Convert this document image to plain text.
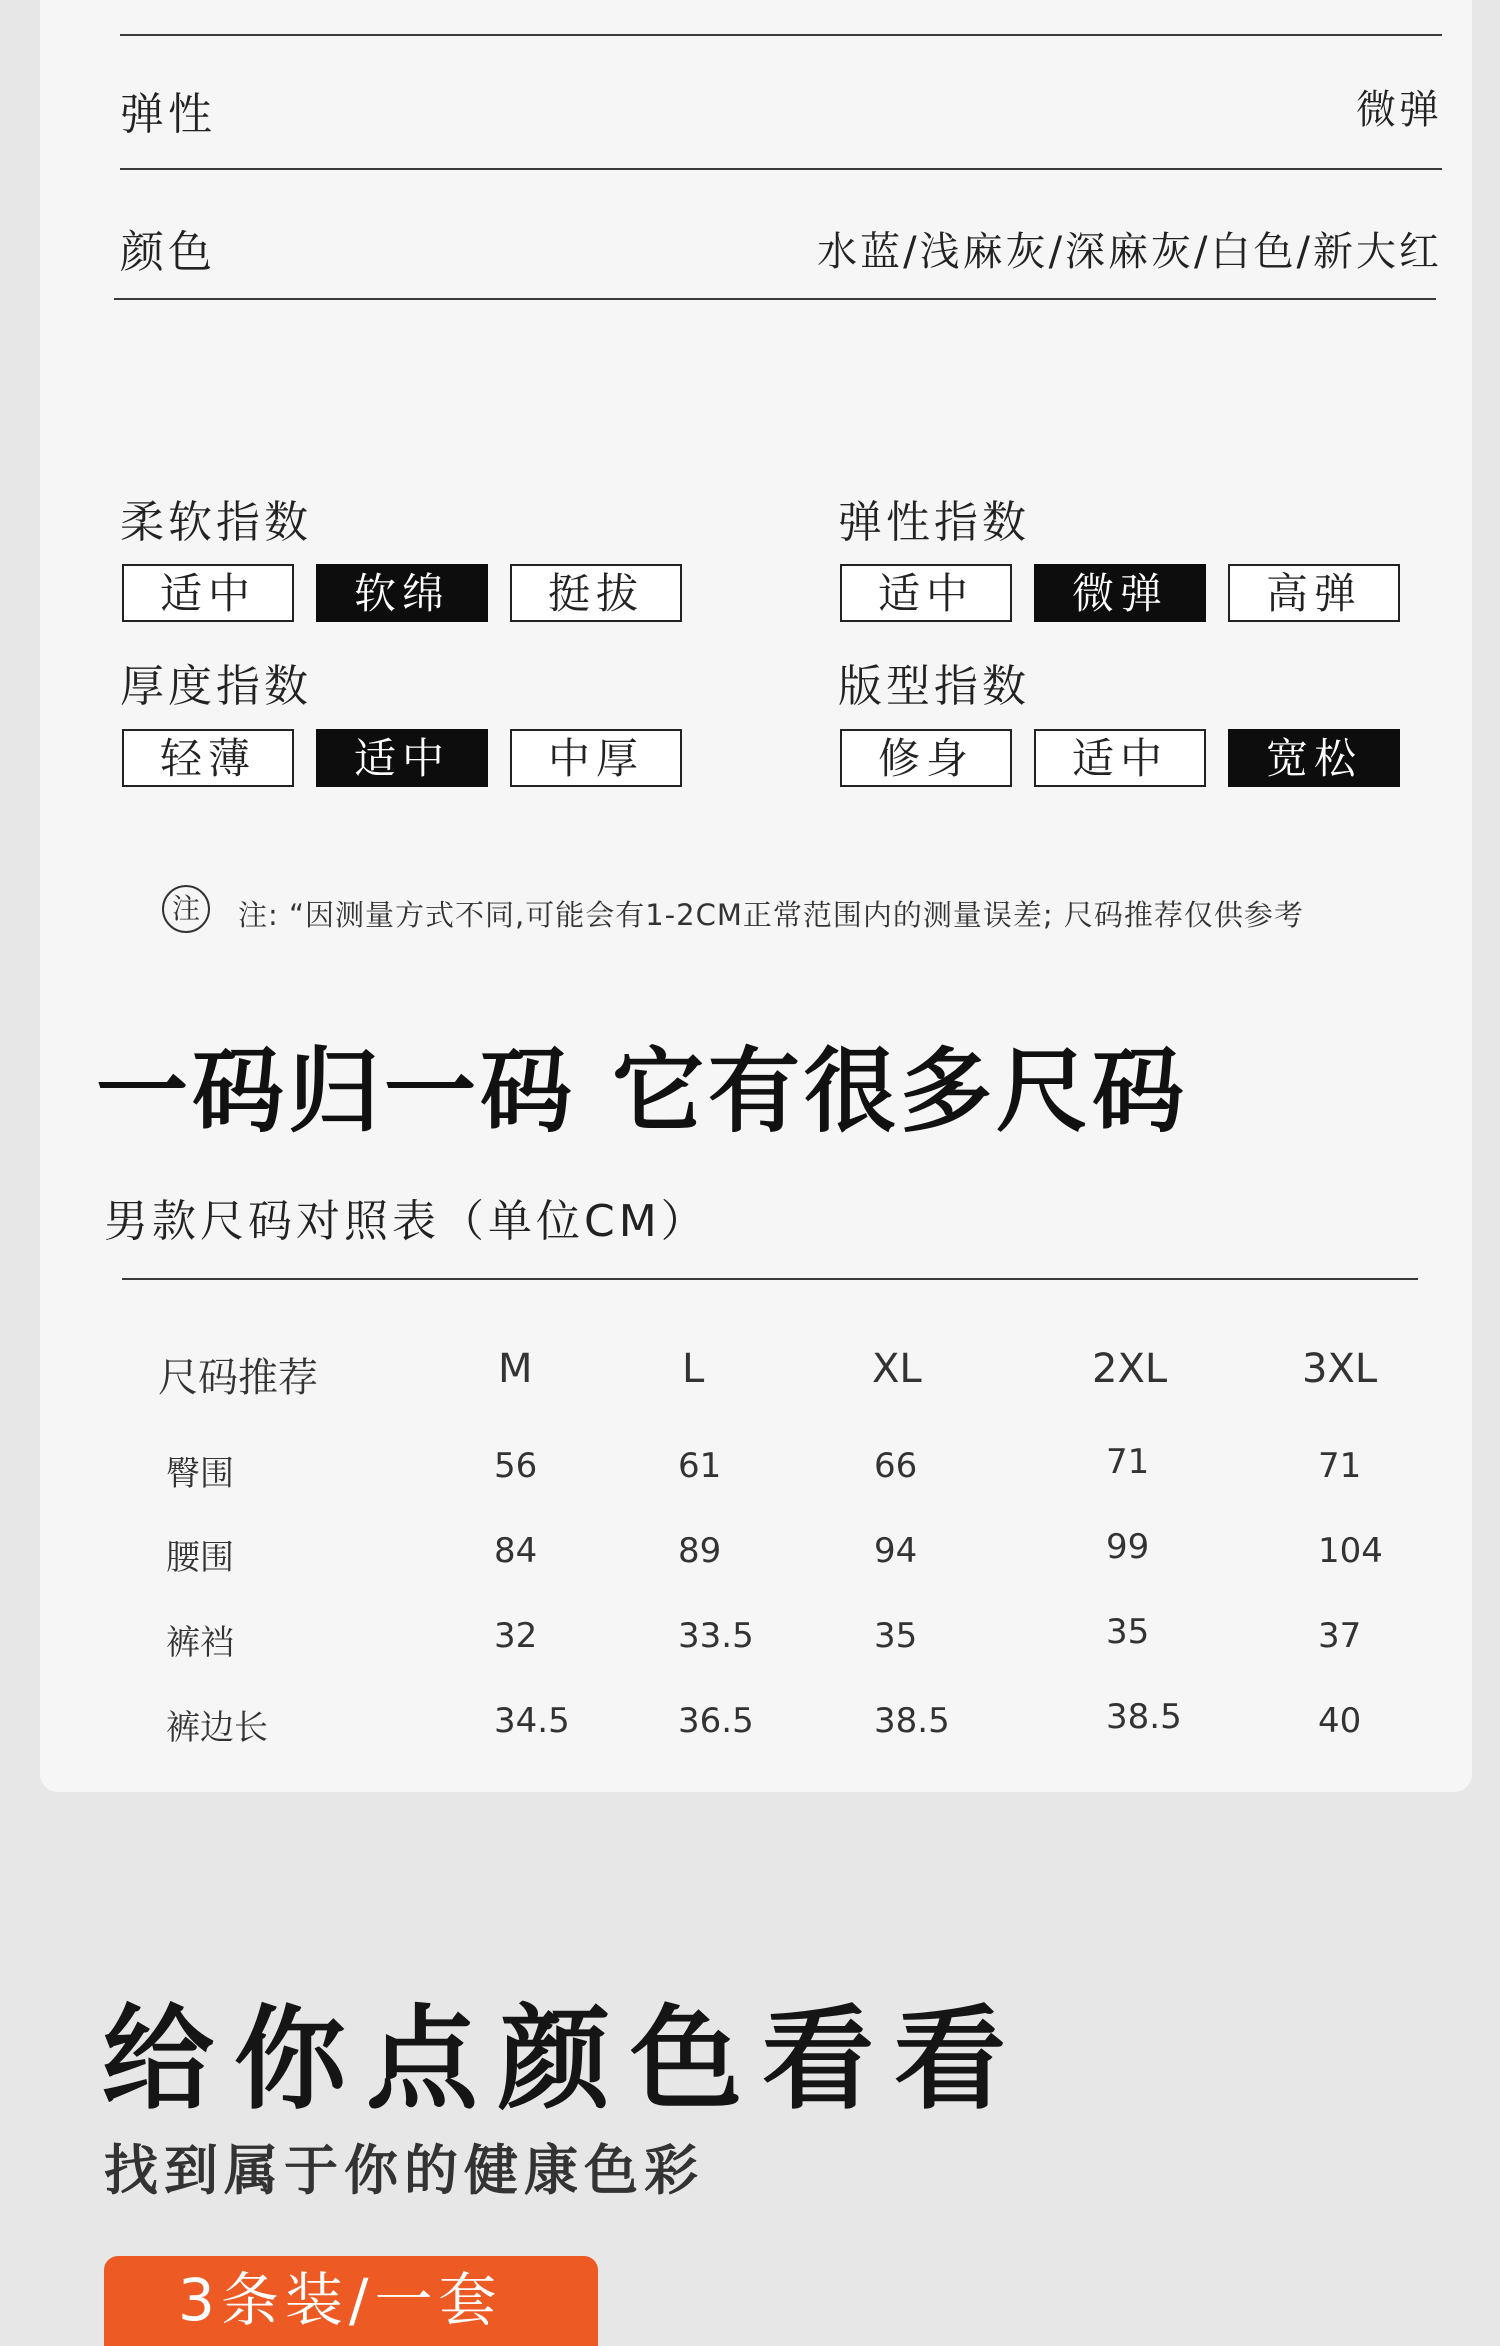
弹性	微弹
颜色	水蓝/浅麻灰/深麻灰/白色/新大红
柔软指数
适中	软绵	挺拔
弹性指数
适中	微弹	高弹
厚度指数
轻薄	适中	中厚
版型指数
修身	适中	宽松
注	注: “因测量方式不同,可能会有1-2CM正常范围内的测量误差; 尺码推荐仅供参考
一码归一码 它有很多尺码
男款尺码对照表（单位CM）
尺码推荐	M	L	XL	2XL	3XL
臀围	56	61	66	71	71
腰围	84	89	94	99	104
裤裆	32	33.5	35	35	37
裤边长	34.5	36.5	38.5	38.5	40
给你点颜色看看
找到属于你的健康色彩
3条装/一套
